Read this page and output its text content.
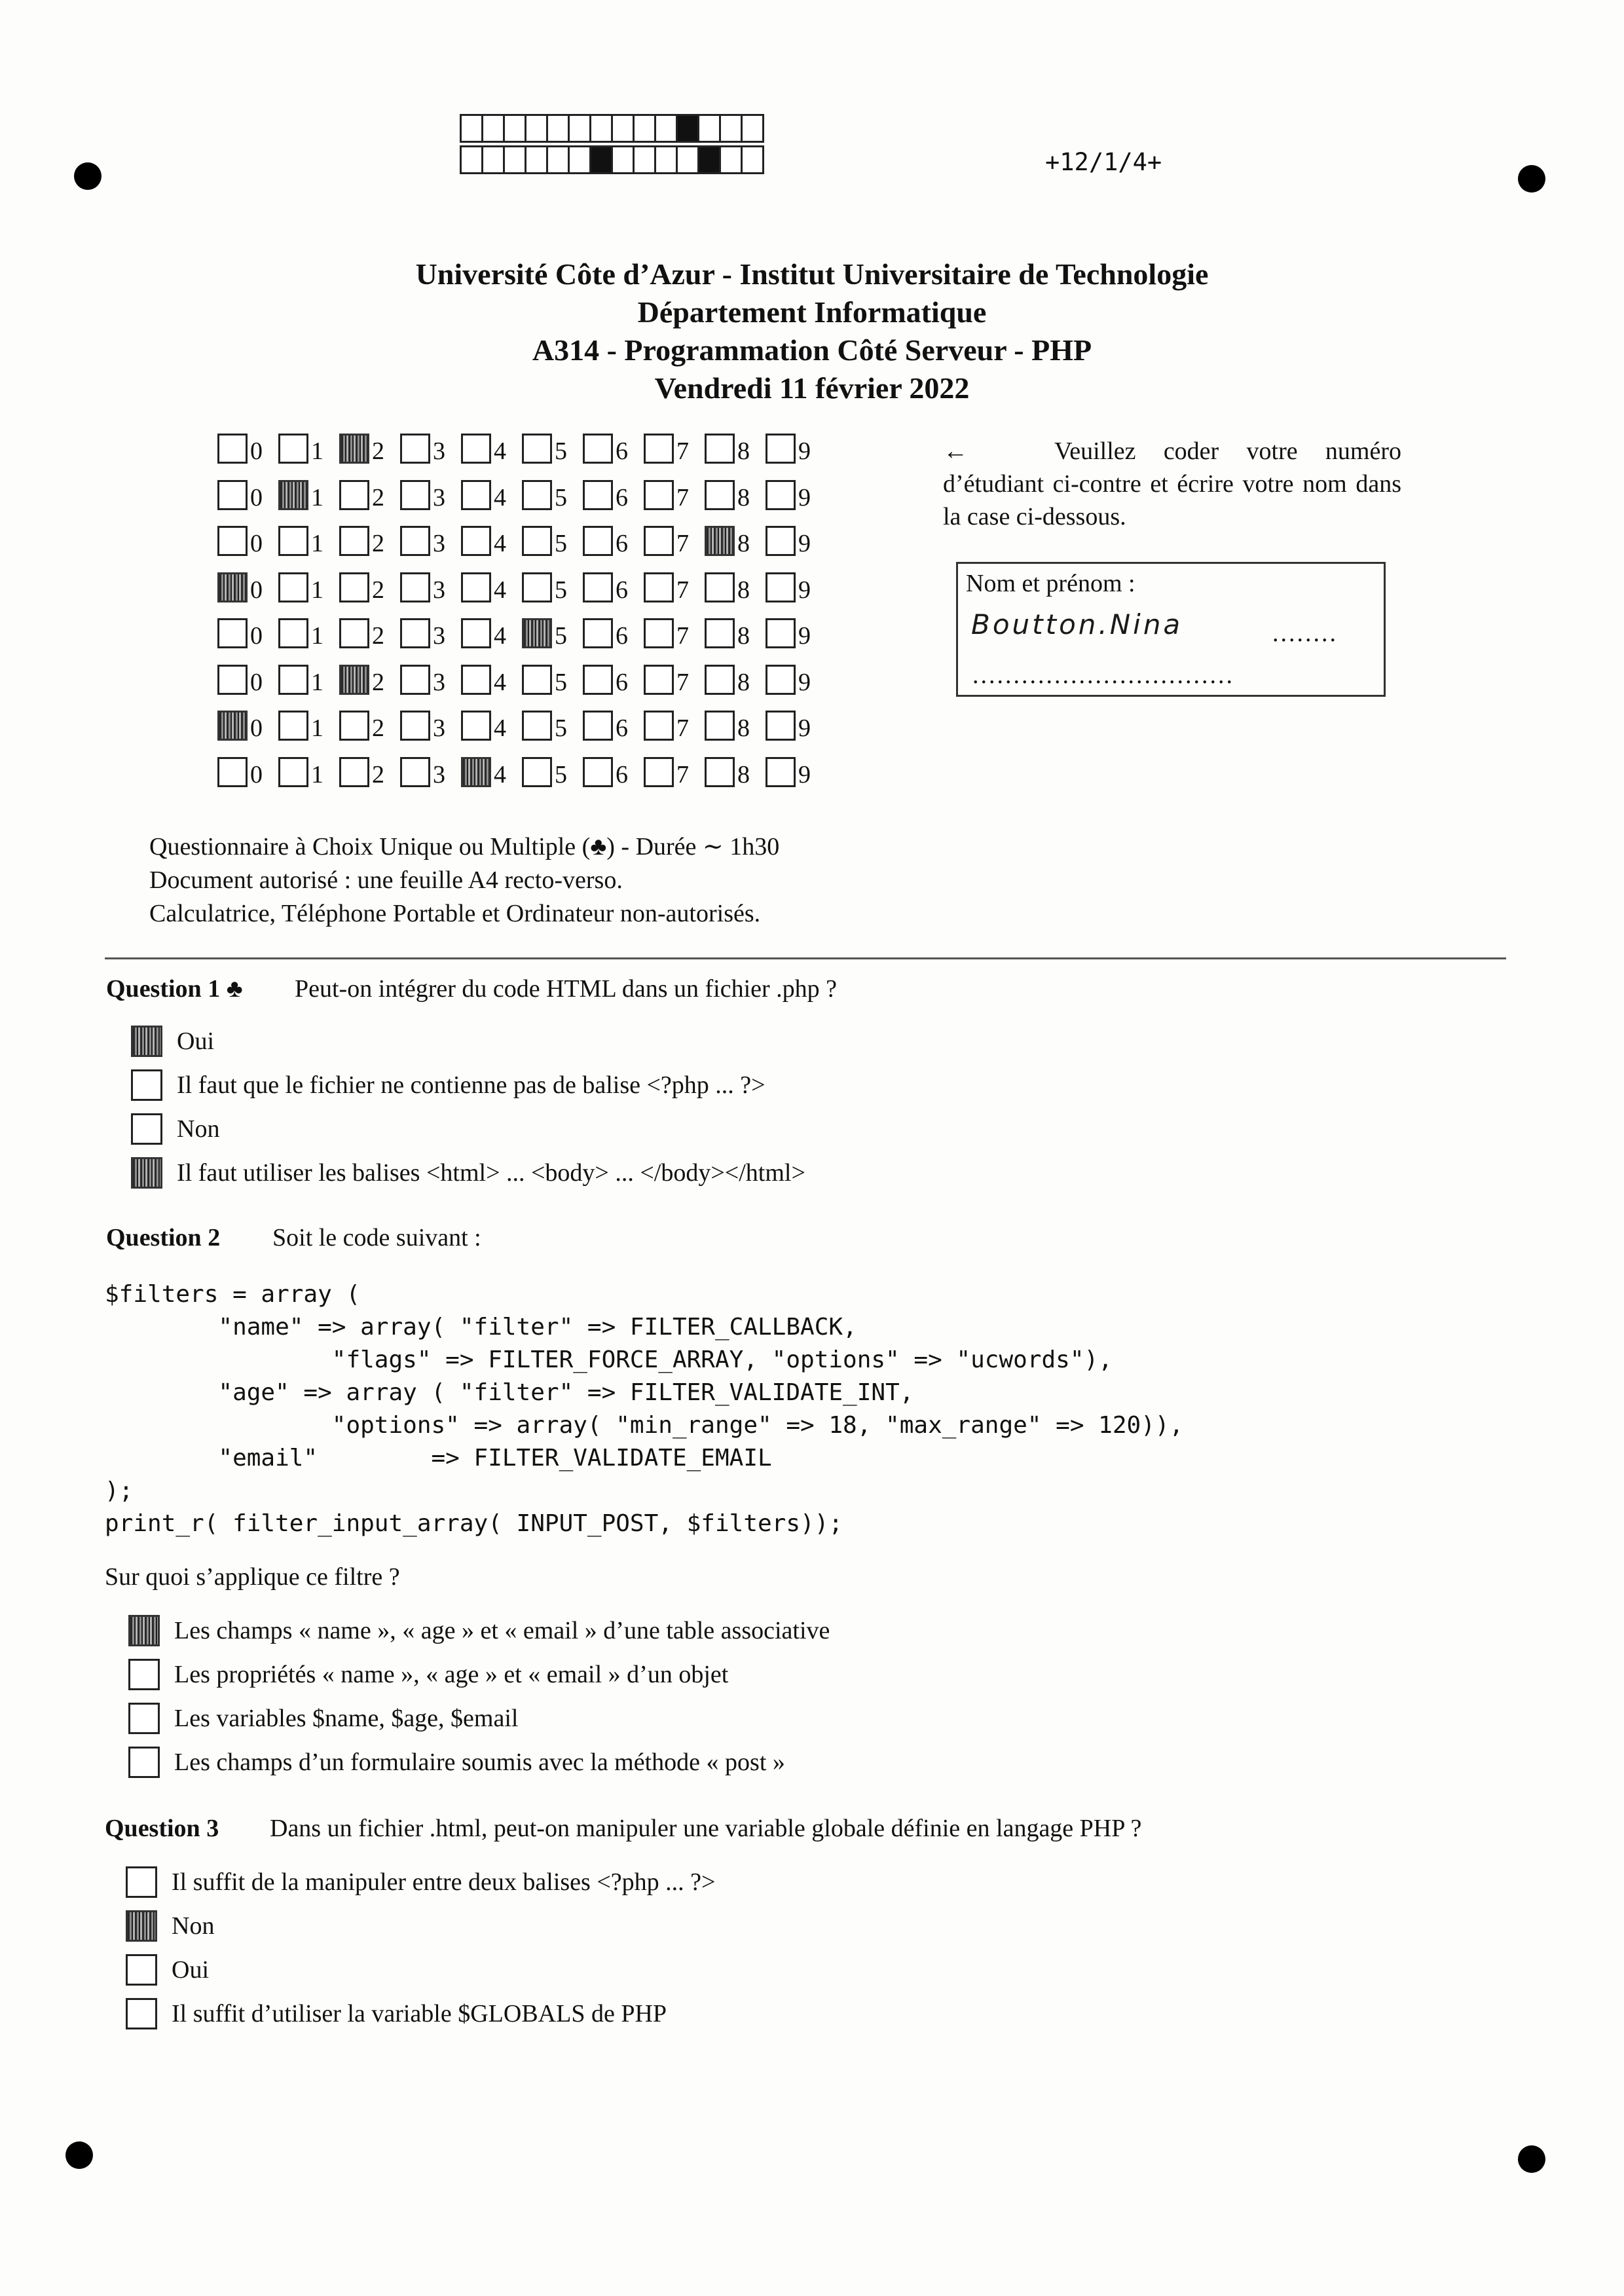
+12/1/4+
Université Côte d’Azur - Institut Universitaire de Technologie
Département Informatique
A314 - Programmation Côté Serveur - PHP
Vendredi 11 février 2022
0 1 2 3 4 5 6 7 8 9
0 1 2 3 4 5 6 7 8 9
0 1 2 3 4 5 6 7 8 9
0 1 2 3 4 5 6 7 8 9
0 1 2 3 4 5 6 7 8 9
0 1 2 3 4 5 6 7 8 9
0 1 2 3 4 5 6 7 8 9
0 1 2 3 4 5 6 7 8 9
←	Veuillez coder votre numéro d’étudiant ci-contre et écrire votre nom dans la case ci-dessous.
Nom et prénom :
Boutton.Nina	........
................................
Questionnaire à Choix Unique ou Multiple (♣) - Durée ∼ 1h30
Document autorisé : une feuille A4 recto-verso.
Calculatrice, Téléphone Portable et Ordinateur non-autorisés.
Question 1 ♣ Peut-on intégrer du code HTML dans un fichier .php ?
Oui
Il faut que le fichier ne contienne pas de balise <?php ... ?>
Non
Il faut utiliser les balises <html> ... <body> ... </body></html>
Question 2 Soit le code suivant :
$filters = array (
"name" => array( "filter" => FILTER_CALLBACK,
"flags" => FILTER_FORCE_ARRAY, "options" => "ucwords"),
"age" => array ( "filter" => FILTER_VALIDATE_INT,
"options" => array( "min_range" => 18, "max_range" => 120)),
"email"        => FILTER_VALIDATE_EMAIL
);
print_r( filter_input_array( INPUT_POST, $filters));
Sur quoi s’applique ce filtre ?
Les champs « name », « age » et « email » d’une table associative
Les propriétés « name », « age » et « email » d’un objet
Les variables $name, $age, $email
Les champs d’un formulaire soumis avec la méthode « post »
Question 3 Dans un fichier .html, peut-on manipuler une variable globale définie en langage PHP ?
Il suffit de la manipuler entre deux balises <?php ... ?>
Non
Oui
Il suffit d’utiliser la variable $GLOBALS de PHP
